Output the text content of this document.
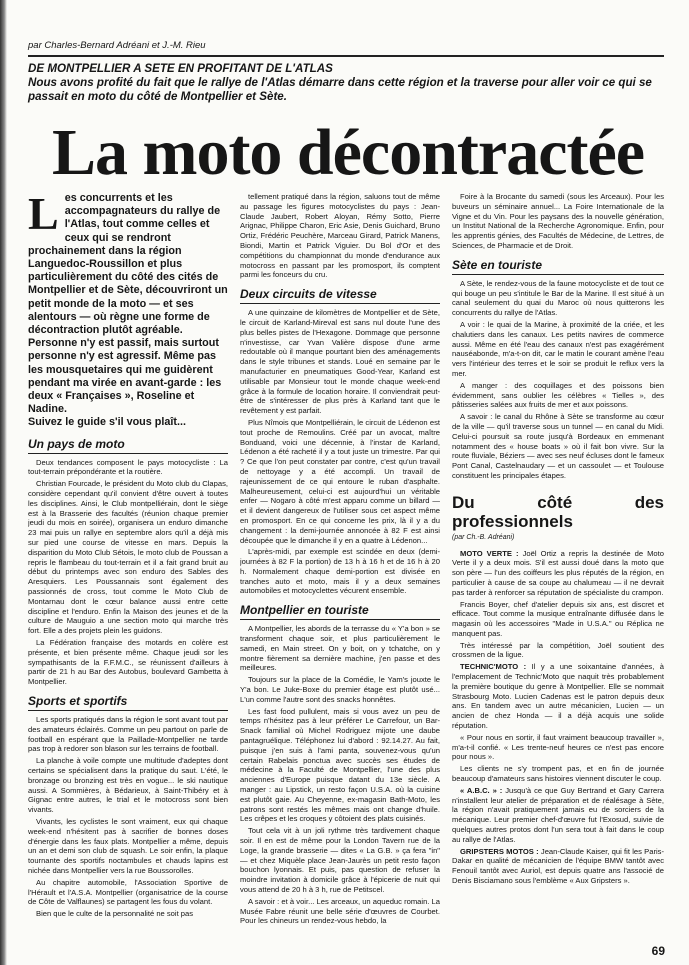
par Charles-Bernard Adréani et J.-M. Rieu
DE MONTPELLIER A SETE EN PROFITANT DE L'ATLAS
Nous avons profité du fait que le rallye de l'Atlas démarre dans cette région et la traverse pour aller voir ce qui se passait en moto du côté de Montpellier et Sète.
La moto décontractée
L es concurrents et les accompagnateurs du rallye de l'Atlas, tout comme celles et ceux qui se rendront prochainement dans la région Languedoc-Roussillon et plus particulièrement du côté des cités de Montpellier et de Sète, découvriront un petit monde de la moto — et ses alentours — où règne une forme de décontraction plutôt agréable. Personne n'y est passif, mais surtout personne n'y est agressif. Même pas les mousquetaires qui me guidèrent pendant ma virée en avant-garde : les deux « Françaises », Roseline et Nadine.
Suivez le guide s'il vous plaît...
Un pays de moto

Deux tendances composent le pays motocycliste : La tout-terrain prépondérante et la routière.

Christian Fourcade, le président du Moto club du Clapas, considère cependant qu'il convient d'être ouvert à toutes les disciplines. Ainsi, le Club montpelliérain, dont le siège est à la Brasserie des facultés (réunion chaque premier jeudi du mois en soirée), organisera un enduro dimanche 23 mai puis un rallye en septembre alors qu'il a déjà mis sur pied une course de vitesse en mars. Depuis la disparition du Moto Club Sétois, le moto club de Poussan a repris le flambeau du tout-terrain et il a fait grand bruit au début du printemps avec son enduro des Sables des Aresquiers. Les Poussannais sont également des passionnés de cross, tout comme le Moto Club de Montarnau dont le cœur balance aussi entre cette discipline et l'enduro. Enfin la Maison des jeunes et de la culture de Mauguio a une section moto qui marche très fort. Elle a des projets plein les guidons.

La Fédération française des motards en colère est présente, et bien présente même. Chaque jeudi sor les sympathisants de la F.F.M.C., se réunissent d'ailleurs à partir de 21 h au Bar des Autobus, boulevard Gambetta à Montpellier.

Sports et sportifs

Les sports pratiqués dans la région le sont avant tout par des amateurs éclairés. Comme un peu partout on parle de football en espérant que la Paillade-Montpellier ne tarde pas trop à redorer son blason sur les terrains de football.

La planche à voile compte une multitude d'adeptes dont certains se spécialisent dans la pratique du saut. L'été, le bronzage ou bronzing est très en vogue... le ski nautique aussi. A Sommières, à Bédarieux, à Saint-Thibéry et à Gignac entre autres, le trial et le motocross sont bien vivants.

Vivants, les cyclistes le sont vraiment, eux qui chaque week-end n'hésitent pas à sacrifier de bonnes doses d'énergie dans les faux plats. Montpellier a même, depuis un an et demi son club de squash. Le soir enfin, la plaque tournante des sportifs noctambules et chauds lapins est nichée dans Montpellier vers la rue Boussorolles.

Au chapitre automobile, l'Association Sportive de l'Hérault et l'A.S.A. Montpellier (organisatrice de la course de Côte de Valflaunes) se partagent les fous du volant.

Bien que le culte de la personnalité ne soit pas

tellement pratiqué dans la région, saluons tout de même au passage les figures motocyclistes du pays : Jean-Claude Jaubert, Robert Aloyan, Rémy Sotto, Pierre Arignac, Philippe Charon, Eric Asie, Denis Guichard, Bruno Ortiz, Frédéric Peuchère, Marceau Girard, Patrick Manens, Biondi, Martin et Patrick Viguier. Du Bol d'Or et des compétitions du championnat du monde d'endurance aux motocross en passant par les promosport, ils comptent parmi les fonceurs du cru.

Deux circuits de vitesse

A une quinzaine de kilomètres de Montpellier et de Sète, le circuit de Karland-Mireval est sans nul doute l'une des plus belles pistes de l'Hexagone. Dommage que personne n'investisse, car Yvan Valière dispose d'une arme redoutable où il manque pourtant bien des aménagements dans le style tribunes et stands. Loué en semaine par le manufacturier en pneumatiques Good-Year, Karland est utilisable par Monsieur tout le monde chaque week-end grâce à la formule de location horaire. Il conviendrait peut-être de s'intéresser de plus près à Karland tant que le revêtement y est parfait.

Plus Nîmois que Montpelliérain, le circuit de Lédenon est tout proche de Remoulins. Créé par un avocat, maître Bonduand, voici une décennie, à l'instar de Karland, Lédenon a été racheté il y a tout juste un trimestre. Par qui ? Ce que l'on peut constater par contre, c'est qu'un travail de nettoyage y a été accompli. Un travail de rajeunissement de ce qui entoure le ruban d'asphalte. Malheureusement, celui-ci est aujourd'hui un véritable enfer — Nogaro à côté m'est apparu comme un billard — et il devient dangereux de l'utiliser sous cet aspect même en promosport. En ce qui concerne les prix, là il y a du changement : la demi-journée annoncée à 82 F est ainsi découpée que le dimanche il y en a quatre à Lédenon...

L'après-midi, par exemple est scindée en deux (demi-journées à 82 F la portion) de 13 h à 16 h et de 16 h à 20 h. Normalement chaque demi-portion est divisée en tranches auto et moto, mais il y a deux semaines automobiles et motocyclettes vécurent ensemble.

Montpellier en touriste

A Montpellier, les abords de la terrasse du « Y'a bon » se transforment chaque soir, et plus particulièrement le samedi, en Main street. On y boit, on y tchatche, on y montre fièrement sa dernière machine, j'en passe et des meilleures.

Toujours sur la place de la Comédie, le Yam's jouxte le Y'a bon. Le Juke-Boxe du premier étage est plutôt usé... L'un comme l'autre sont des snacks honnêtes.

Les fast food pullulent, mais si vous avez un peu de temps n'hésitez pas à leur préférer Le Carrefour, un Bar-Snack familial où Michel Rodriguez mijote une daube pantagruélique. Téléphonez lui d'abord : 92.14.27. Au fait, puisque j'en suis à l'ami panta, souvenez-vous qu'un certain Rabelais ponctua avec succès ses études de médecine à la Faculté de Montpellier, l'une des plus anciennes d'Europe puisque datant du 13e siècle. A manger : au Lipstick, un resto façon U.S.A. où la cuisine est plutôt gaie. Au Cheyenne, ex-magasin Bath-Moto, les patrons sont restés les mêmes mais ont change d'huile. Les crêpes et les croques y côtoient des plats cuisinés.

Tout cela vit à un joli rythme très tardivement chaque soir. Il en est de même pour la London Tavern rue de la Loge, la grande brasserie — dites « La G.B. » ça fera "in" — et chez Miquèle place Jean-Jaurès un petit resto façon bouchon lyonnais. Et puis, pas question de refuser la moindre invitation à domicile grâce à l'épicerie de nuit qui vous attend de 20 h à 3 h, rue de Petitscel.

A savoir : et à voir... Les arceaux, un aqueduc romain. La Musée Fabre réunit une belle série d'œuvres de Courbet. Pour les chineurs un rendez-vous hebdo, la

Foire à la Brocante du samedi (sous les Arceaux). Pour les buveurs un séminaire annuel... La Foire Internationale de la Vigne et du Vin. Pour les paysans des la nouvelle génération, un Institut National de la Recherche Agronomique. Enfin, pour les apprentis génies, des Facultés de Médecine, de Lettres, de Sciences, de Pharmacie et de Droit.

Sète en touriste

A Sète, le rendez-vous de la faune motocycliste et de tout ce qui bouge un peu s'intitule le Bar de la Marine. Il est situé à un canal seulement du quai du Maroc où nous quitterons les concurrents du rallye de l'Atlas.

A voir : le quai de la Marine, à proximité de la criée, et les chalutiers dans les canaux. Les petits navires de commerce aussi. Même en été l'eau des canaux n'est pas exagérément nauséabonde, m'a-t-on dit, car le matin le courant amène l'eau vers l'intérieur des terres et le soir se produit le reflux vers la mer.

A manger : des coquillages et des poissons bien évidemment, sans oublier les célèbres « Tielles », des pâtisseries salées aux fruits de mer et aux poissons.

A savoir : le canal du Rhône à Sète se transforme au cœur de la ville — qu'il traverse sous un tunnel — en canal du Midi. Celui-ci poursuit sa route jusqu'à Bordeaux en emmenant notamment des « house boats » où il fait bon vivre. Sur la route fluviale, Béziers — avec ses neuf écluses dont le fameux Pont Canal, Castelnaudary — et un cassoulet — et Toulouse constituent les principales étapes.

Du côté des professionnels
(par Ch.-B. Adréani)

MOTO VERTE : Joël Ortiz a repris la destinée de Moto Verte il y a deux mois. S'il est aussi doué dans la moto que son père — l'un des coiffeurs les plus réputés de la région, en particulier à cause de sa coupe au chalumeau — il ne devrait pas tarder à renforcer sa réputation de spécialiste du crampon.

Francis Boyer, chef d'atelier depuis six ans, est discret et efficace. Tout comme la musique entraînante diffusée dans le magasin où les accessoires "Made in U.S.A." ou Réplica ne manquent pas.

Très intéressé par la compétition, Joël soutient des crossmen de la ligue.

TECHNIC'MOTO : Il y a une soixantaine d'années, à l'emplacement de Technic'Moto que naquit très probablement la première boutique du genre à Montpellier. Elle se nommait Strasbourg Moto. Lucien Cadenas est le patron depuis deux ans. En tandem avec un autre mécanicien, Lucien — un ancien de chez Honda — il a déjà acquis une solide réputation.

« Pour nous en sortir, il faut vraiment beaucoup travailler », m'a-t-il confié. « Les trente-neuf heures ce n'est pas encore pour nous ».

Les clients ne s'y trompent pas, et en fin de journée beaucoup d'amateurs sans histoires viennent discuter le coup.

« A.B.C. » : Jusqu'à ce que Guy Bertrand et Gary Carrera n'installent leur atelier de préparation et de réalésage à Sète, la région n'avait pratiquement jamais eu de sorciers de la mécanique. Leur premier chef-d'œuvre fut l'Exosud, suivie de quelques autres protos dont l'un sera tout à fait dans le coup au rallye de l'Atlas.

GRIPSTERS MOTOS : Jean-Claude Kaiser, qui fit les Paris-Dakar en qualité de mécanicien de l'équipe BMW tantôt avec Fenouil tantôt avec Auriol, est depuis quatre ans l'associé de Denis Bisciamano sous l'emblème « Aux Gripsters ».

69
